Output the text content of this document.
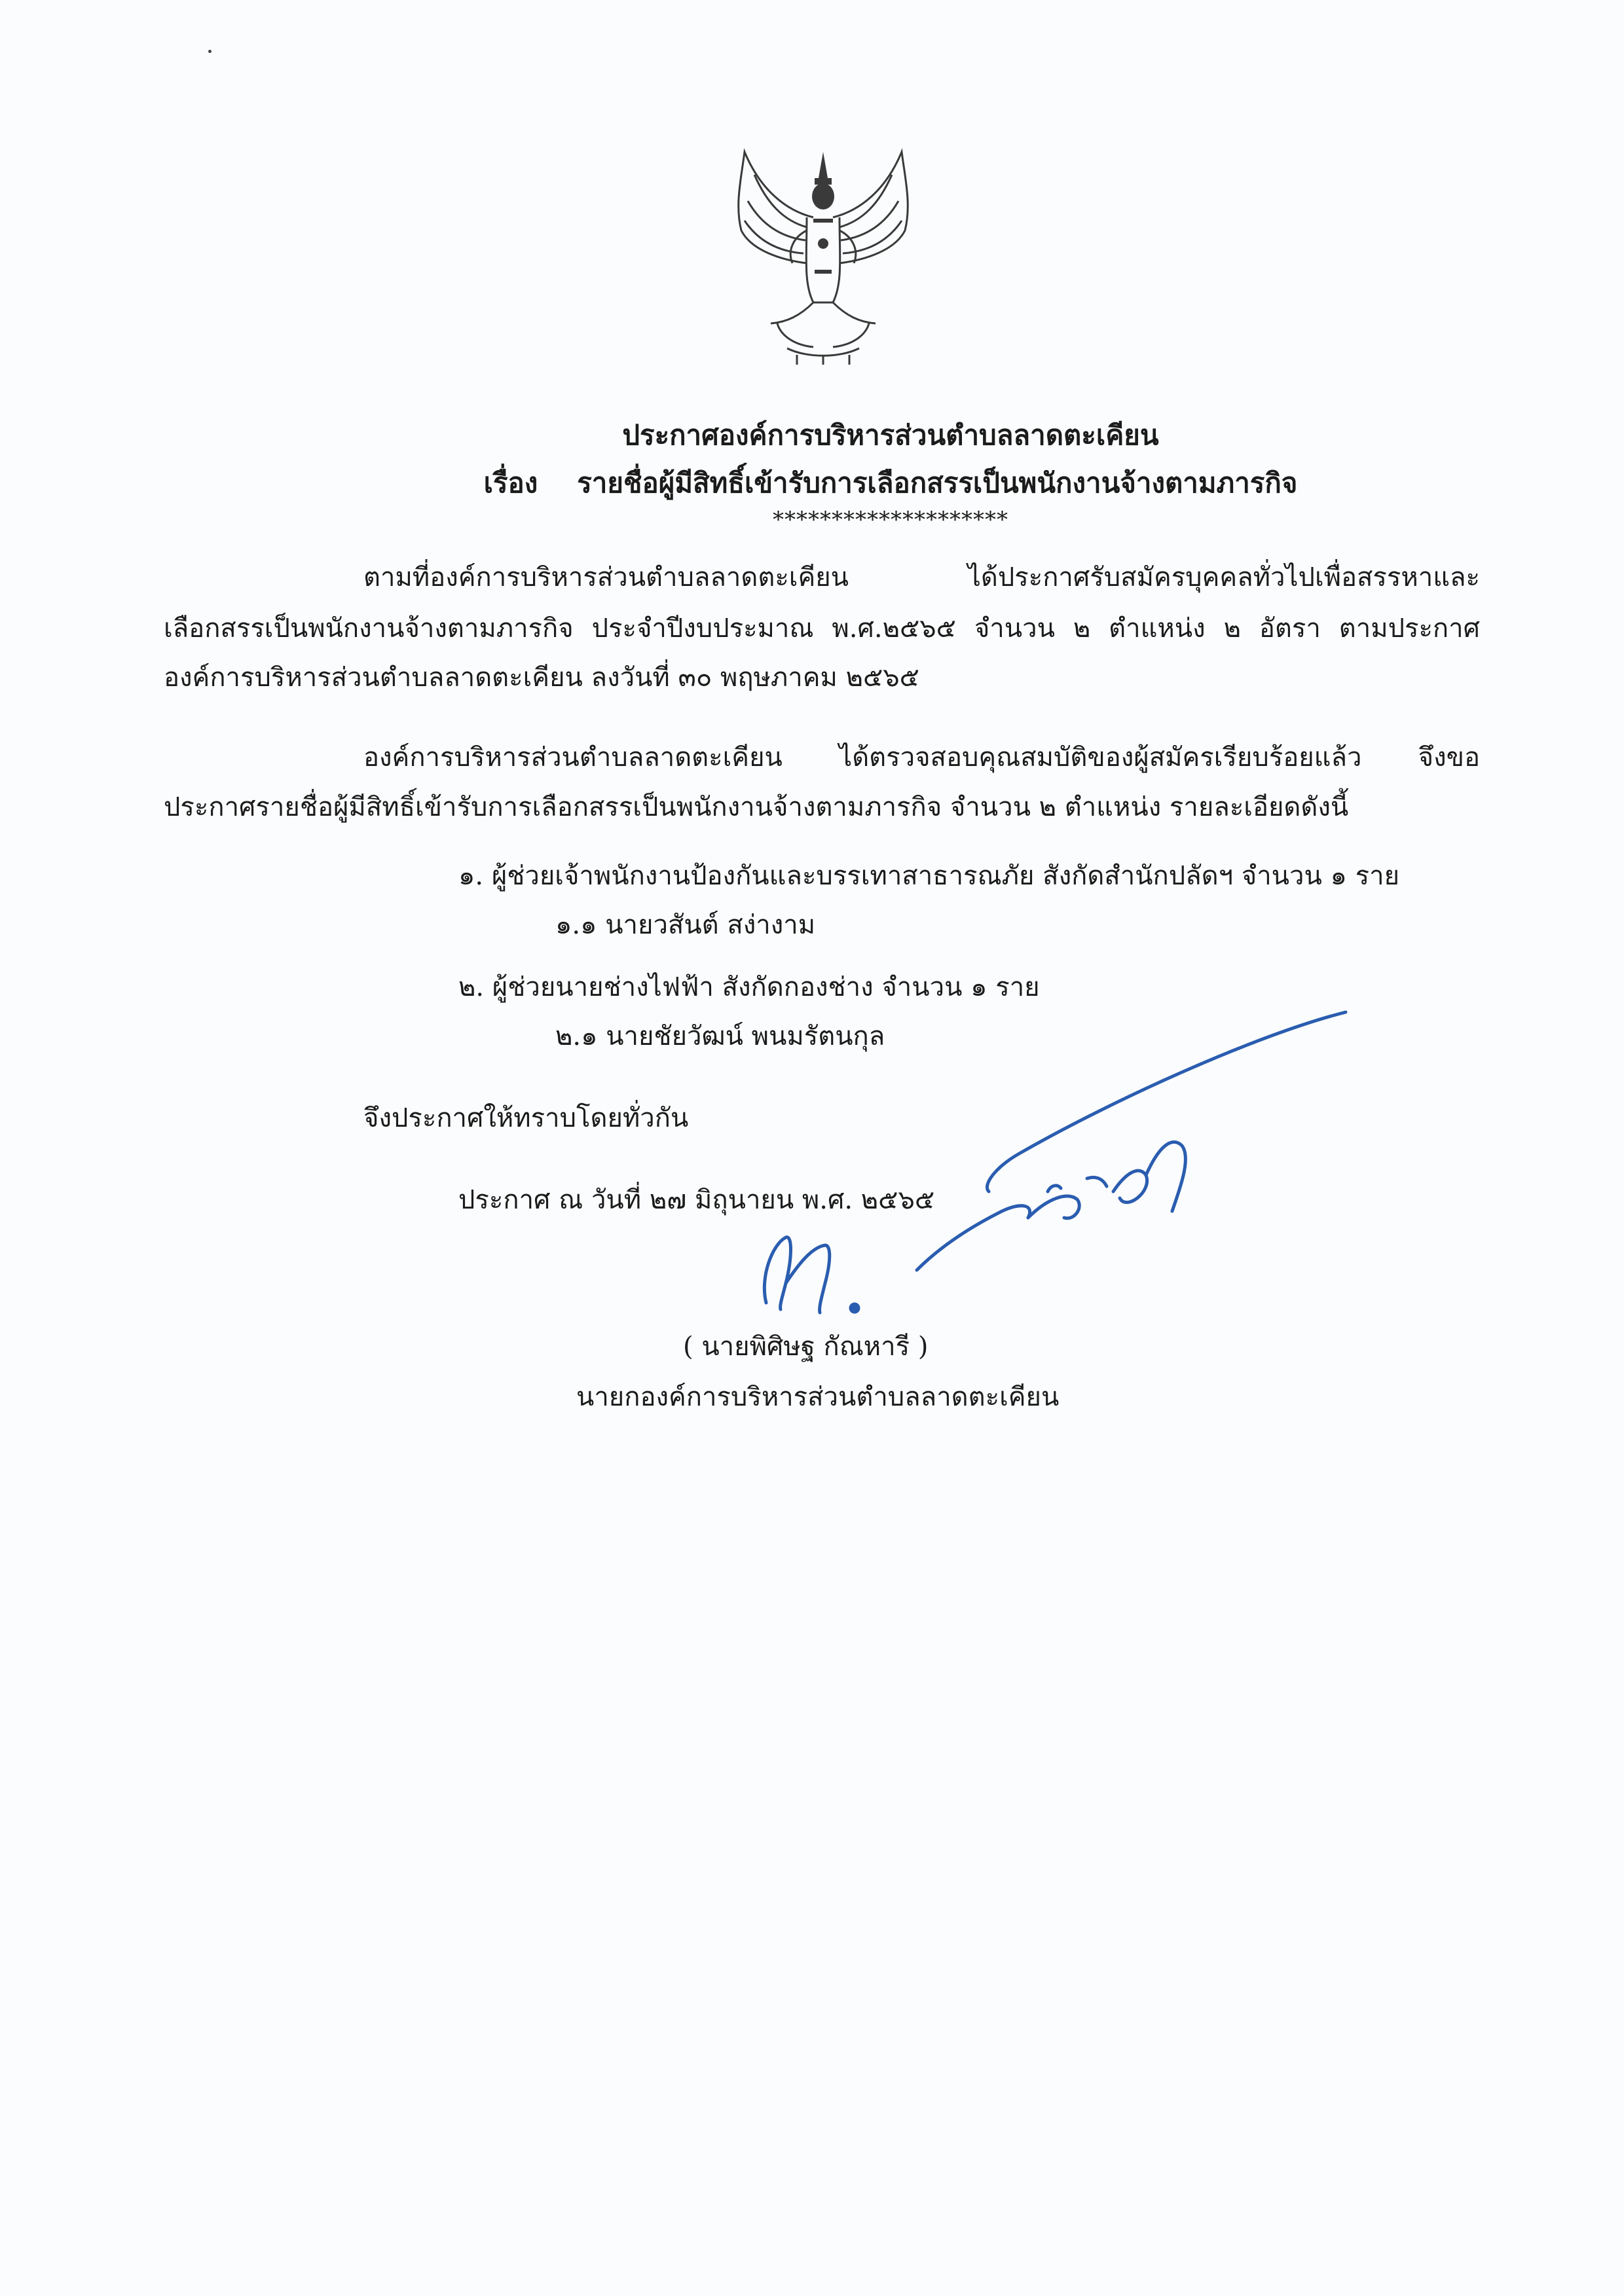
ประกาศองค์การบริหารส่วนตำบลลาดตะเคียน
เรื่อง รายชื่อผู้มีสิทธิ์เข้ารับการเลือกสรรเป็นพนักงานจ้างตามภารกิจ
********************
ตามที่องค์การบริหารส่วนตำบลลาดตะเคียน ได้ประกาศรับสมัครบุคคลทั่วไปเพื่อสรรหาและ
เลือกสรรเป็นพนักงานจ้างตามภารกิจ ประจำปีงบประมาณ พ.ศ.๒๕๖๕ จำนวน ๒ ตำแหน่ง ๒ อัตรา ตามประกาศ
องค์การบริหารส่วนตำบลลาดตะเคียน ลงวันที่ ๓๐ พฤษภาคม ๒๕๖๕
องค์การบริหารส่วนตำบลลาดตะเคียน ได้ตรวจสอบคุณสมบัติของผู้สมัครเรียบร้อยแล้ว จึงขอ
ประกาศรายชื่อผู้มีสิทธิ์เข้ารับการเลือกสรรเป็นพนักงานจ้างตามภารกิจ จำนวน ๒ ตำแหน่ง รายละเอียดดังนี้
๑. ผู้ช่วยเจ้าพนักงานป้องกันและบรรเทาสาธารณภัย สังกัดสำนักปลัดฯ จำนวน ๑ ราย
๑.๑ นายวสันต์ สง่างาม
๒. ผู้ช่วยนายช่างไฟฟ้า สังกัดกองช่าง จำนวน ๑ ราย
๒.๑ นายชัยวัฒน์ พนมรัตนกุล
จึงประกาศให้ทราบโดยทั่วกัน
ประกาศ ณ วันที่ ๒๗ มิถุนายน พ.ศ. ๒๕๖๕
( นายพิศิษฐ กัณหารี )
นายกองค์การบริหารส่วนตำบลลาดตะเคียน
